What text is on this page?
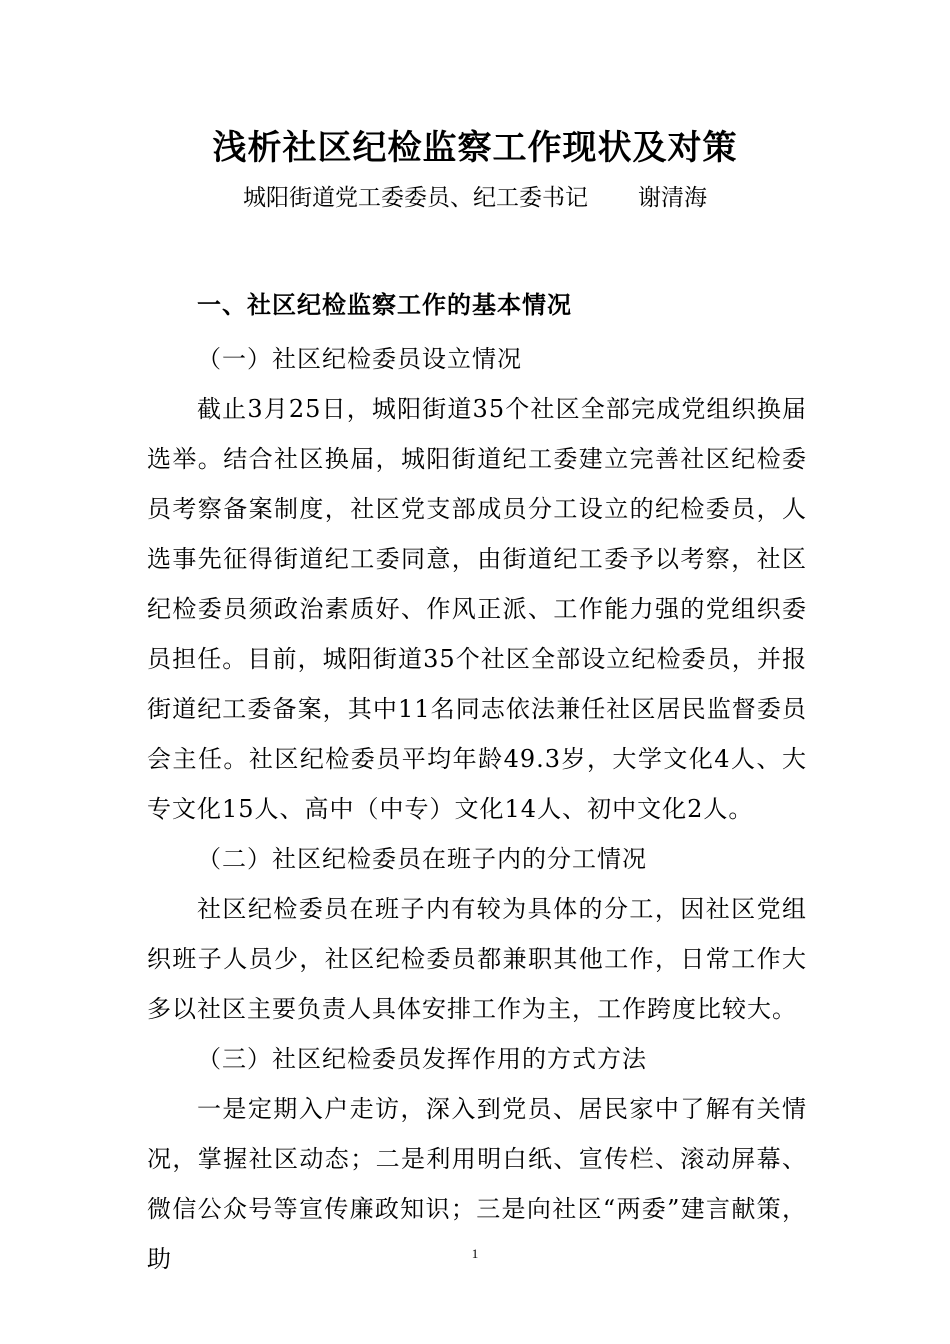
浅析社区纪检监察工作现状及对策
城阳街道党工委委员、纪工委书记 谢清海
一、社区纪检监察工作的基本情况
（一）社区纪检委员设立情况
截止3月25日，城阳街道35个社区全部完成党组织换届选举。结合社区换届，城阳街道纪工委建立完善社区纪检委员考察备案制度，社区党支部成员分工设立的纪检委员，人选事先征得街道纪工委同意，由街道纪工委予以考察，社区纪检委员须政治素质好、作风正派、工作能力强的党组织委员担任。目前，城阳街道35个社区全部设立纪检委员，并报街道纪工委备案，其中11名同志依法兼任社区居民监督委员会主任。社区纪检委员平均年龄49.3岁，大学文化4人、大专文化15人、高中（中专）文化14人、初中文化2人。
（二）社区纪检委员在班子内的分工情况
社区纪检委员在班子内有较为具体的分工，因社区党组织班子人员少，社区纪检委员都兼职其他工作，日常工作大多以社区主要负责人具体安排工作为主，工作跨度比较大。
（三）社区纪检委员发挥作用的方式方法
一是定期入户走访，深入到党员、居民家中了解有关情况，掌握社区动态；二是利用明白纸、宣传栏、滚动屏幕、微信公众号等宣传廉政知识；三是向社区“两委”建言献策，助	1
